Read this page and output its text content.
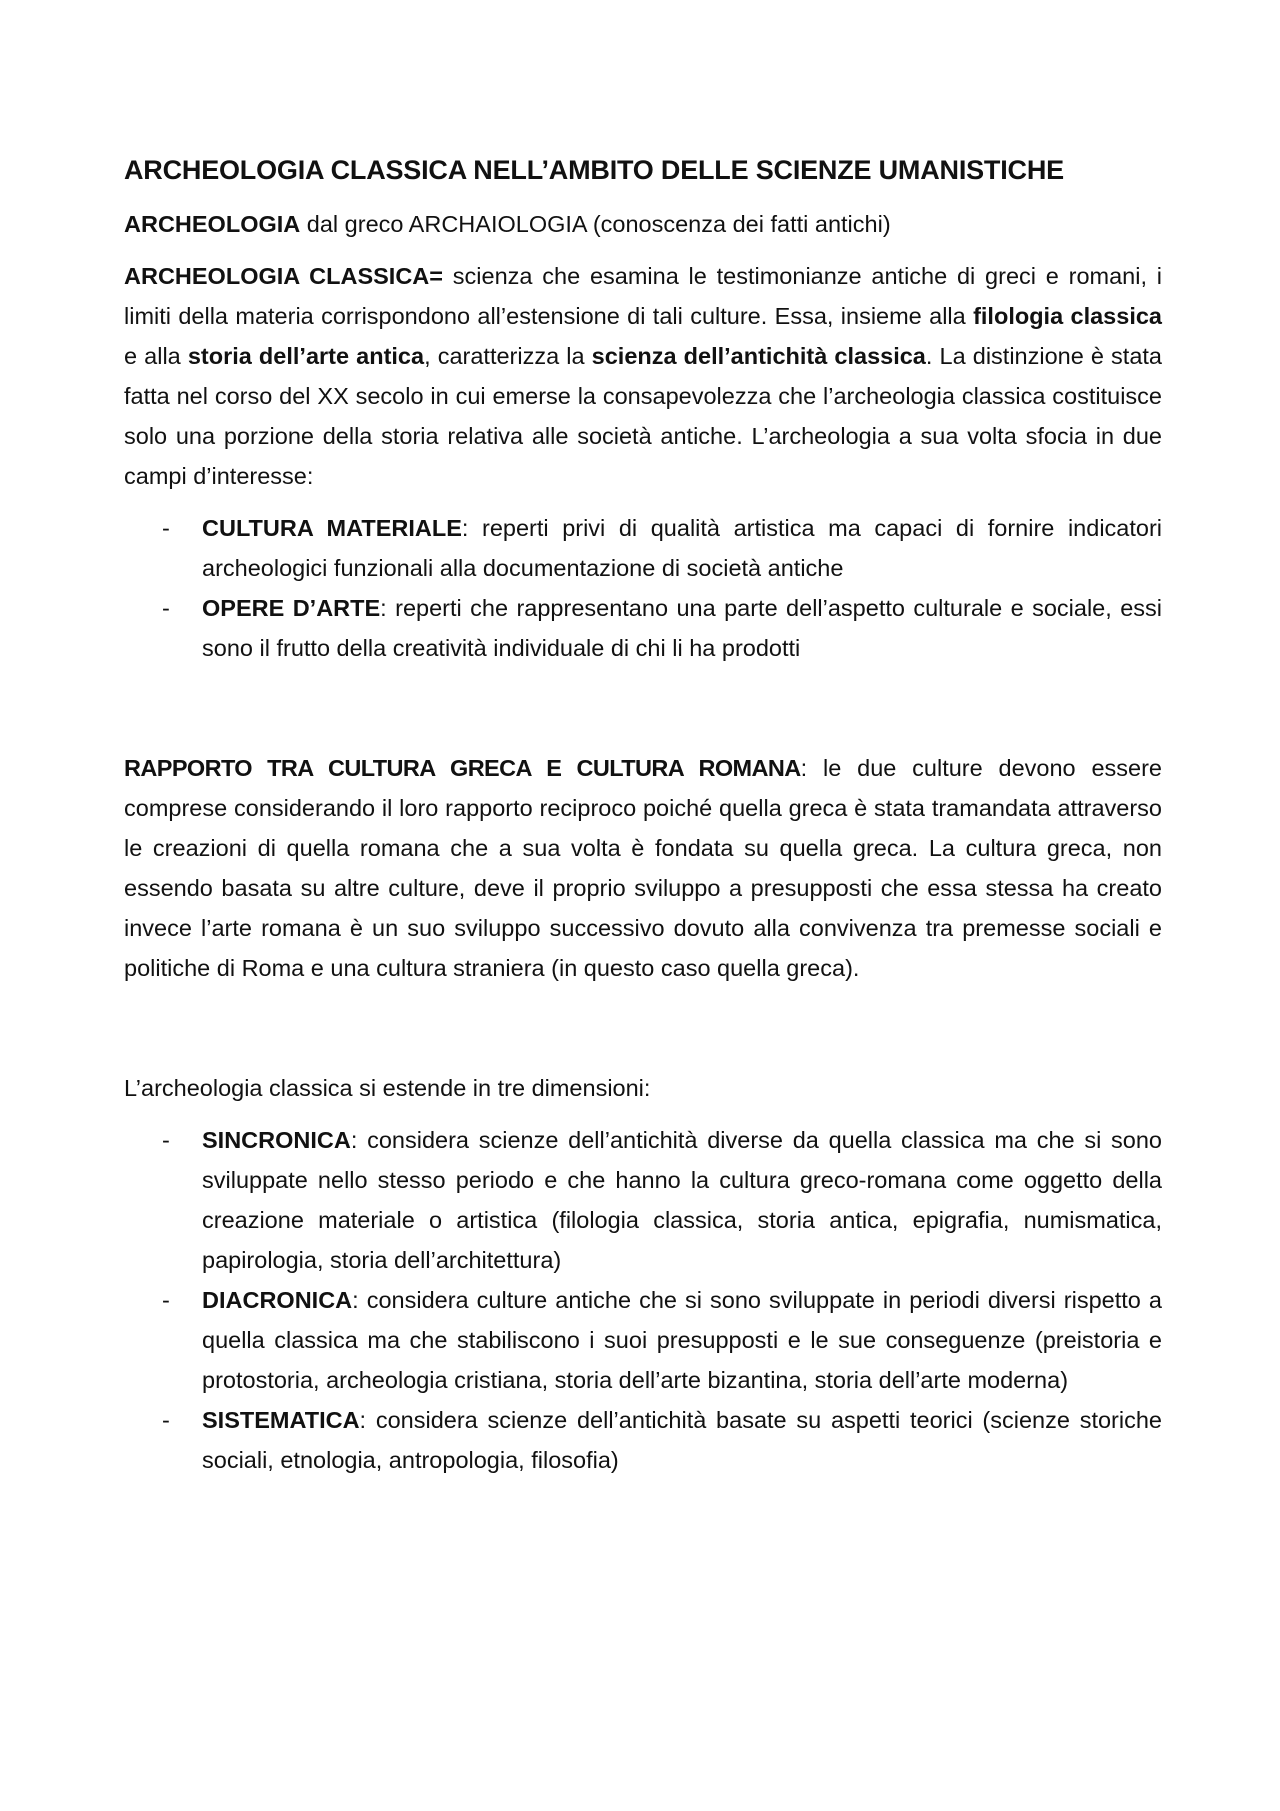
ARCHEOLOGIA CLASSICA NELL’AMBITO DELLE SCIENZE UMANISTICHE

ARCHEOLOGIA dal greco ARCHAIOLOGIA (conoscenza dei fatti antichi)

ARCHEOLOGIA CLASSICA= scienza che esamina le testimonianze antiche di greci e romani, i limiti della materia corrispondono all’estensione di tali culture. Essa, insieme alla filologia classica e alla storia dell’arte antica, caratterizza la scienza dell’antichità classica. La distinzione è stata fatta nel corso del XX secolo in cui emerse la consapevolezza che l’archeologia classica costituisce solo una porzione della storia relativa alle società antiche. L’archeologia a sua volta sfocia in due campi d’interesse:

- CULTURA MATERIALE: reperti privi di qualità artistica ma capaci di fornire indicatori archeologici funzionali alla documentazione di società antiche
- OPERE D’ARTE: reperti che rappresentano una parte dell’aspetto culturale e sociale, essi sono il frutto della creatività individuale di chi li ha prodotti

RAPPORTO TRA CULTURA GRECA E CULTURA ROMANA: le due culture devono essere comprese considerando il loro rapporto reciproco poiché quella greca è stata tramandata attraverso le creazioni di quella romana che a sua volta è fondata su quella greca. La cultura greca, non essendo basata su altre culture, deve il proprio sviluppo a presupposti che essa stessa ha creato invece l’arte romana è un suo sviluppo successivo dovuto alla convivenza tra premesse sociali e politiche di Roma e una cultura straniera (in questo caso quella greca).

L’archeologia classica si estende in tre dimensioni:

- SINCRONICA: considera scienze dell’antichità diverse da quella classica ma che si sono sviluppate nello stesso periodo e che hanno la cultura greco-romana come oggetto della creazione materiale o artistica (filologia classica, storia antica, epigrafia, numismatica, papirologia, storia dell’architettura)
- DIACRONICA: considera culture antiche che si sono sviluppate in periodi diversi rispetto a quella classica ma che stabiliscono i suoi presupposti e le sue conseguenze (preistoria e protostoria, archeologia cristiana, storia dell’arte bizantina, storia dell’arte moderna)
- SISTEMATICA: considera scienze dell’antichità basate su aspetti teorici (scienze storiche sociali, etnologia, antropologia, filosofia)
